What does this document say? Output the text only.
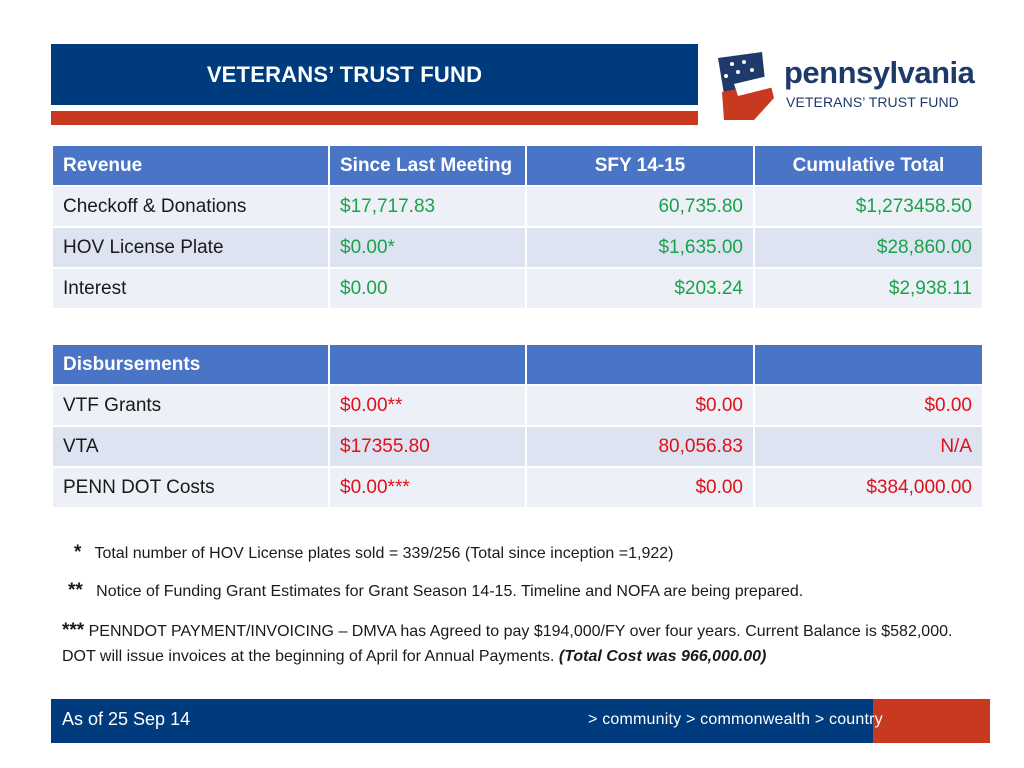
VETERANS’ TRUST FUND	pennsylvania
VETERANS’ TRUST FUND
Revenue	Since Last Meeting	SFY 14-15	Cumulative Total
Checkoff & Donations	$17,717.83	60,735.80	$1,273458.50
HOV License Plate	$0.00*	$1,635.00	$28,860.00
Interest	$0.00	$203.24	$2,938.11
Disbursements			
VTF Grants	$0.00**	$0.00	$0.00
VTA	$17355.80	80,056.83	N/A
PENN DOT Costs	$0.00***	$0.00	$384,000.00
* Total number of HOV License plates sold = 339/256 (Total since inception =1,922)
** Notice of Funding Grant Estimates for Grant Season 14-15. Timeline and NOFA are being prepared.
*** PENNDOT PAYMENT/INVOICING – DMVA has Agreed to pay $194,000/FY over four years. Current Balance is $582,000. DOT will issue invoices at the beginning of April for Annual Payments. (Total Cost was 966,000.00)
As of 25 Sep 14	> community > commonwealth > country
